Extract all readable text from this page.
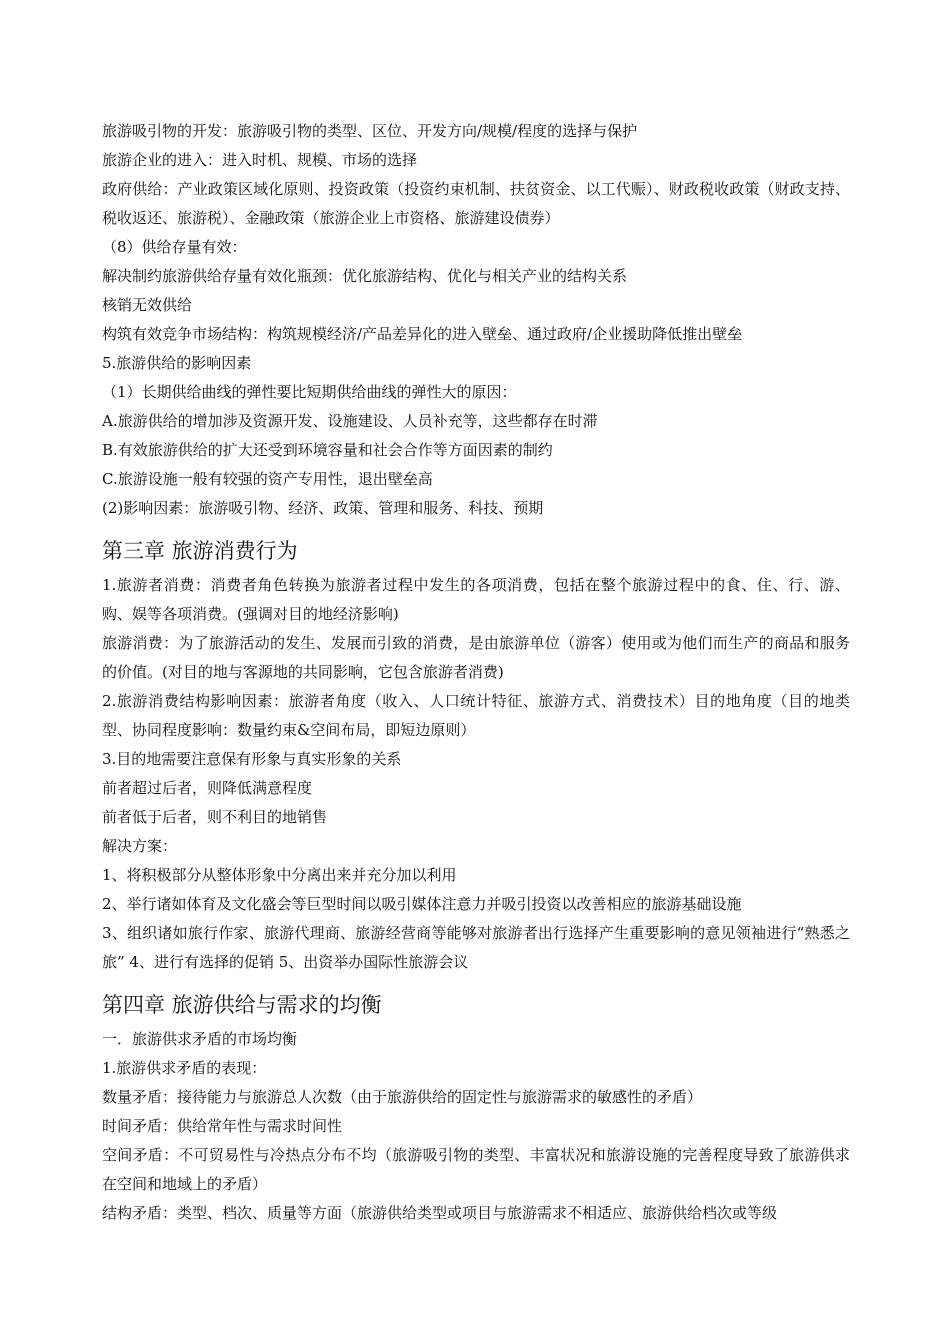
旅游吸引物的开发：旅游吸引物的类型、区位、开发方向/规模/程度的选择与保护
旅游企业的进入：进入时机、规模、市场的选择
政府供给：产业政策区域化原则、投资政策（投资约束机制、扶贫资金、以工代赈）、财政税收政策（财政支持、税收返还、旅游税）、金融政策（旅游企业上市资格、旅游建设债券）
（8）供给存量有效：
解决制约旅游供给存量有效化瓶颈：优化旅游结构、优化与相关产业的结构关系
核销无效供给
构筑有效竞争市场结构：构筑规模经济/产品差异化的进入壁垒、通过政府/企业援助降低推出壁垒
5.旅游供给的影响因素
（1）长期供给曲线的弹性要比短期供给曲线的弹性大的原因：
A.旅游供给的增加涉及资源开发、设施建设、人员补充等，这些都存在时滞
B.有效旅游供给的扩大还受到环境容量和社会合作等方面因素的制约
C.旅游设施一般有较强的资产专用性，退出壁垒高
(2)影响因素：旅游吸引物、经济、政策、管理和服务、科技、预期
第三章 旅游消费行为
1.旅游者消费：消费者角色转换为旅游者过程中发生的各项消费，包括在整个旅游过程中的食、住、行、游、购、娱等各项消费。(强调对目的地经济影响)
旅游消费：为了旅游活动的发生、发展而引致的消费，是由旅游单位（游客）使用或为他们而生产的商品和服务的价值。(对目的地与客源地的共同影响，它包含旅游者消费)
2.旅游消费结构影响因素：旅游者角度（收入、人口统计特征、旅游方式、消费技术）目的地角度（目的地类型、协同程度影响：数量约束&空间布局，即短边原则）
3.目的地需要注意保有形象与真实形象的关系
前者超过后者，则降低满意程度
前者低于后者，则不利目的地销售
解决方案：
1、将积极部分从整体形象中分离出来并充分加以利用
2、举行诸如体育及文化盛会等巨型时间以吸引媒体注意力并吸引投资以改善相应的旅游基础设施
3、组织诸如旅行作家、旅游代理商、旅游经营商等能够对旅游者出行选择产生重要影响的意见领袖进行“熟悉之旅” 4、进行有选择的促销 5、出资举办国际性旅游会议
第四章 旅游供给与需求的均衡
一．旅游供求矛盾的市场均衡
1.旅游供求矛盾的表现：
数量矛盾：接待能力与旅游总人次数（由于旅游供给的固定性与旅游需求的敏感性的矛盾）
时间矛盾：供给常年性与需求时间性
空间矛盾：不可贸易性与冷热点分布不均（旅游吸引物的类型、丰富状况和旅游设施的完善程度导致了旅游供求在空间和地域上的矛盾）
结构矛盾：类型、档次、质量等方面（旅游供给类型或项目与旅游需求不相适应、旅游供给档次或等级
